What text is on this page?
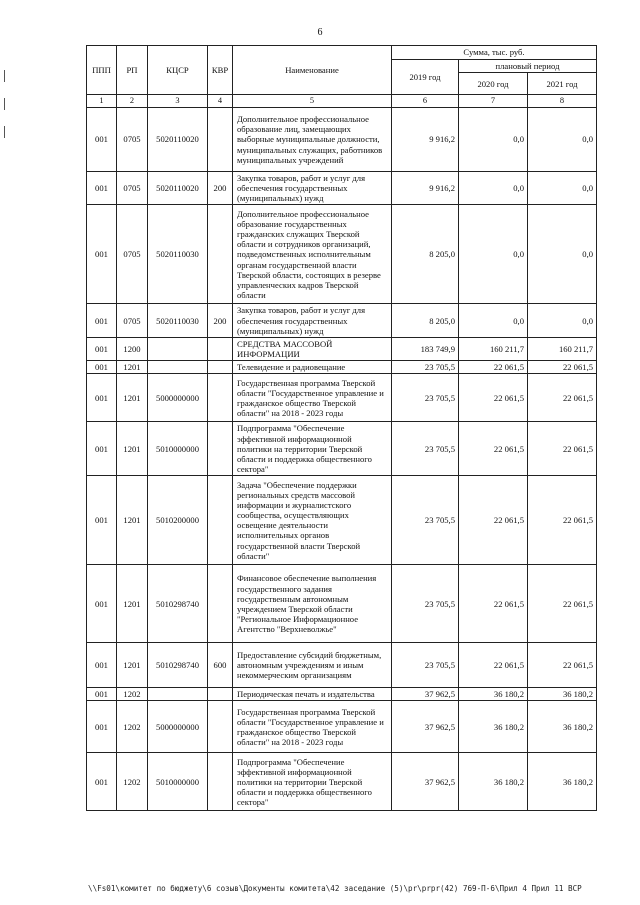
6
ППП	РП	КЦСР	КВР	Наименование	Сумма, тыс. руб.		
					2019 год	плановый период	
						2020 год	2021 год
1	2	3	4	5	6	7	8
001	0705	5020110020		Дополнительное профессиональное образование лиц, замещающих выборные муниципальные должности, муниципальных служащих, работников муниципальных учреждений	9 916,2	0,0	0,0
001	0705	5020110020	200	Закупка товаров, работ и услуг для обеспечения государственных (муниципальных) нужд	9 916,2	0,0	0,0
001	0705	5020110030		Дополнительное профессиональное образование государственных гражданских служащих Тверской области и сотрудников организаций, подведомственных исполнительным органам государственной власти Тверской области, состоящих в резерве управленческих кадров Тверской области	8 205,0	0,0	0,0
001	0705	5020110030	200	Закупка товаров, работ и услуг для обеспечения государственных (муниципальных) нужд	8 205,0	0,0	0,0
001	1200			СРЕДСТВА МАССОВОЙ ИНФОРМАЦИИ	183 749,9	160 211,7	160 211,7
001	1201			Телевидение и радиовещание	23 705,5	22 061,5	22 061,5
001	1201	5000000000		Государственная программа Тверской области "Государственное управление и гражданское общество Тверской области" на 2018 - 2023 годы	23 705,5	22 061,5	22 061,5
001	1201	5010000000		Подпрограмма "Обеспечение эффективной информационной политики на территории Тверской области и поддержка общественного сектора"	23 705,5	22 061,5	22 061,5
001	1201	5010200000		Задача "Обеспечение поддержки региональных средств массовой информации и журналистского сообщества, осуществляющих освещение деятельности исполнительных органов государственной власти Тверской области"	23 705,5	22 061,5	22 061,5
001	1201	5010298740		Финансовое обеспечение выполнения государственного задания государственным автономным учреждением Тверской области "Региональное Информационное Агентство "Верхневолжье"	23 705,5	22 061,5	22 061,5
001	1201	5010298740	600	Предоставление субсидий бюджетным, автономным учреждениям и иным некоммерческим организациям	23 705,5	22 061,5	22 061,5
001	1202			Периодическая печать и издательства	37 962,5	36 180,2	36 180,2
001	1202	5000000000		Государственная программа Тверской области "Государственное управление и гражданское общество Тверской области" на 2018 - 2023 годы	37 962,5	36 180,2	36 180,2
001	1202	5010000000		Подпрограмма "Обеспечение эффективной информационной политики на территории Тверской области и поддержка общественного сектора"	37 962,5	36 180,2	36 180,2
\\Fs01\комитет по бюджету\6 созыв\Документы комитета\42 заседание (5)\pr\prpr(42) 769-П-6\Прил 4 Прил 11 ВСР
